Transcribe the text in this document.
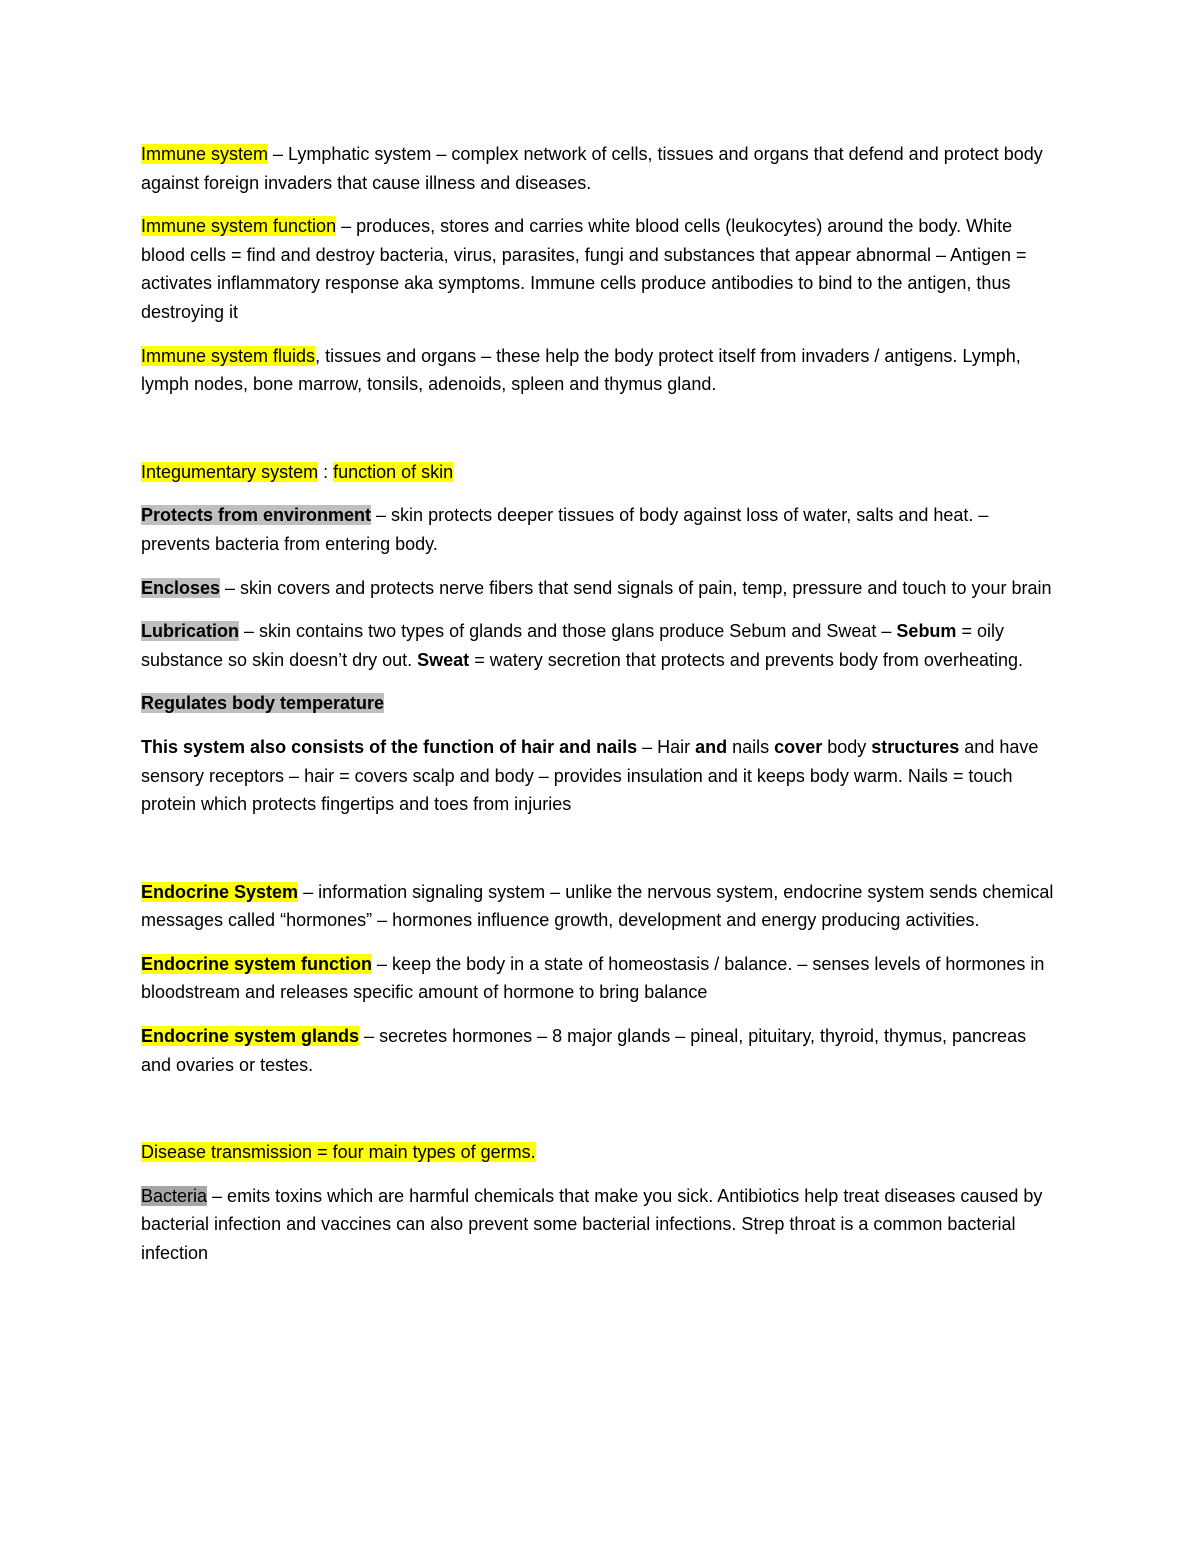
Immune system – Lymphatic system – complex network of cells, tissues and organs that defend and protect body against foreign invaders that cause illness and diseases.

Immune system function – produces, stores and carries white blood cells (leukocytes) around the body. White blood cells = find and destroy bacteria, virus, parasites, fungi and substances that appear abnormal – Antigen = activates inflammatory response aka symptoms. Immune cells produce antibodies to bind to the antigen, thus destroying it

Immune system fluids, tissues and organs – these help the body protect itself from invaders / antigens. Lymph, lymph nodes, bone marrow, tonsils, adenoids, spleen and thymus gland.

Integumentary system : function of skin

Protects from environment – skin protects deeper tissues of body against loss of water, salts and heat. – prevents bacteria from entering body.

Encloses – skin covers and protects nerve fibers that send signals of pain, temp, pressure and touch to your brain

Lubrication – skin contains two types of glands and those glans produce Sebum and Sweat – Sebum = oily substance so skin doesn’t dry out. Sweat = watery secretion that protects and prevents body from overheating.

Regulates body temperature

This system also consists of the function of hair and nails – Hair and nails cover body structures and have sensory receptors – hair = covers scalp and body – provides insulation and it keeps body warm. Nails = touch protein which protects fingertips and toes from injuries

Endocrine System – information signaling system – unlike the nervous system, endocrine system sends chemical messages called “hormones” – hormones influence growth, development and energy producing activities.

Endocrine system function – keep the body in a state of homeostasis / balance. – senses levels of hormones in bloodstream and releases specific amount of hormone to bring balance

Endocrine system glands – secretes hormones – 8 major glands – pineal, pituitary, thyroid, thymus, pancreas and ovaries or testes.

Disease transmission = four main types of germs.

Bacteria – emits toxins which are harmful chemicals that make you sick. Antibiotics help treat diseases caused by bacterial infection and vaccines can also prevent some bacterial infections. Strep throat is a common bacterial infection
